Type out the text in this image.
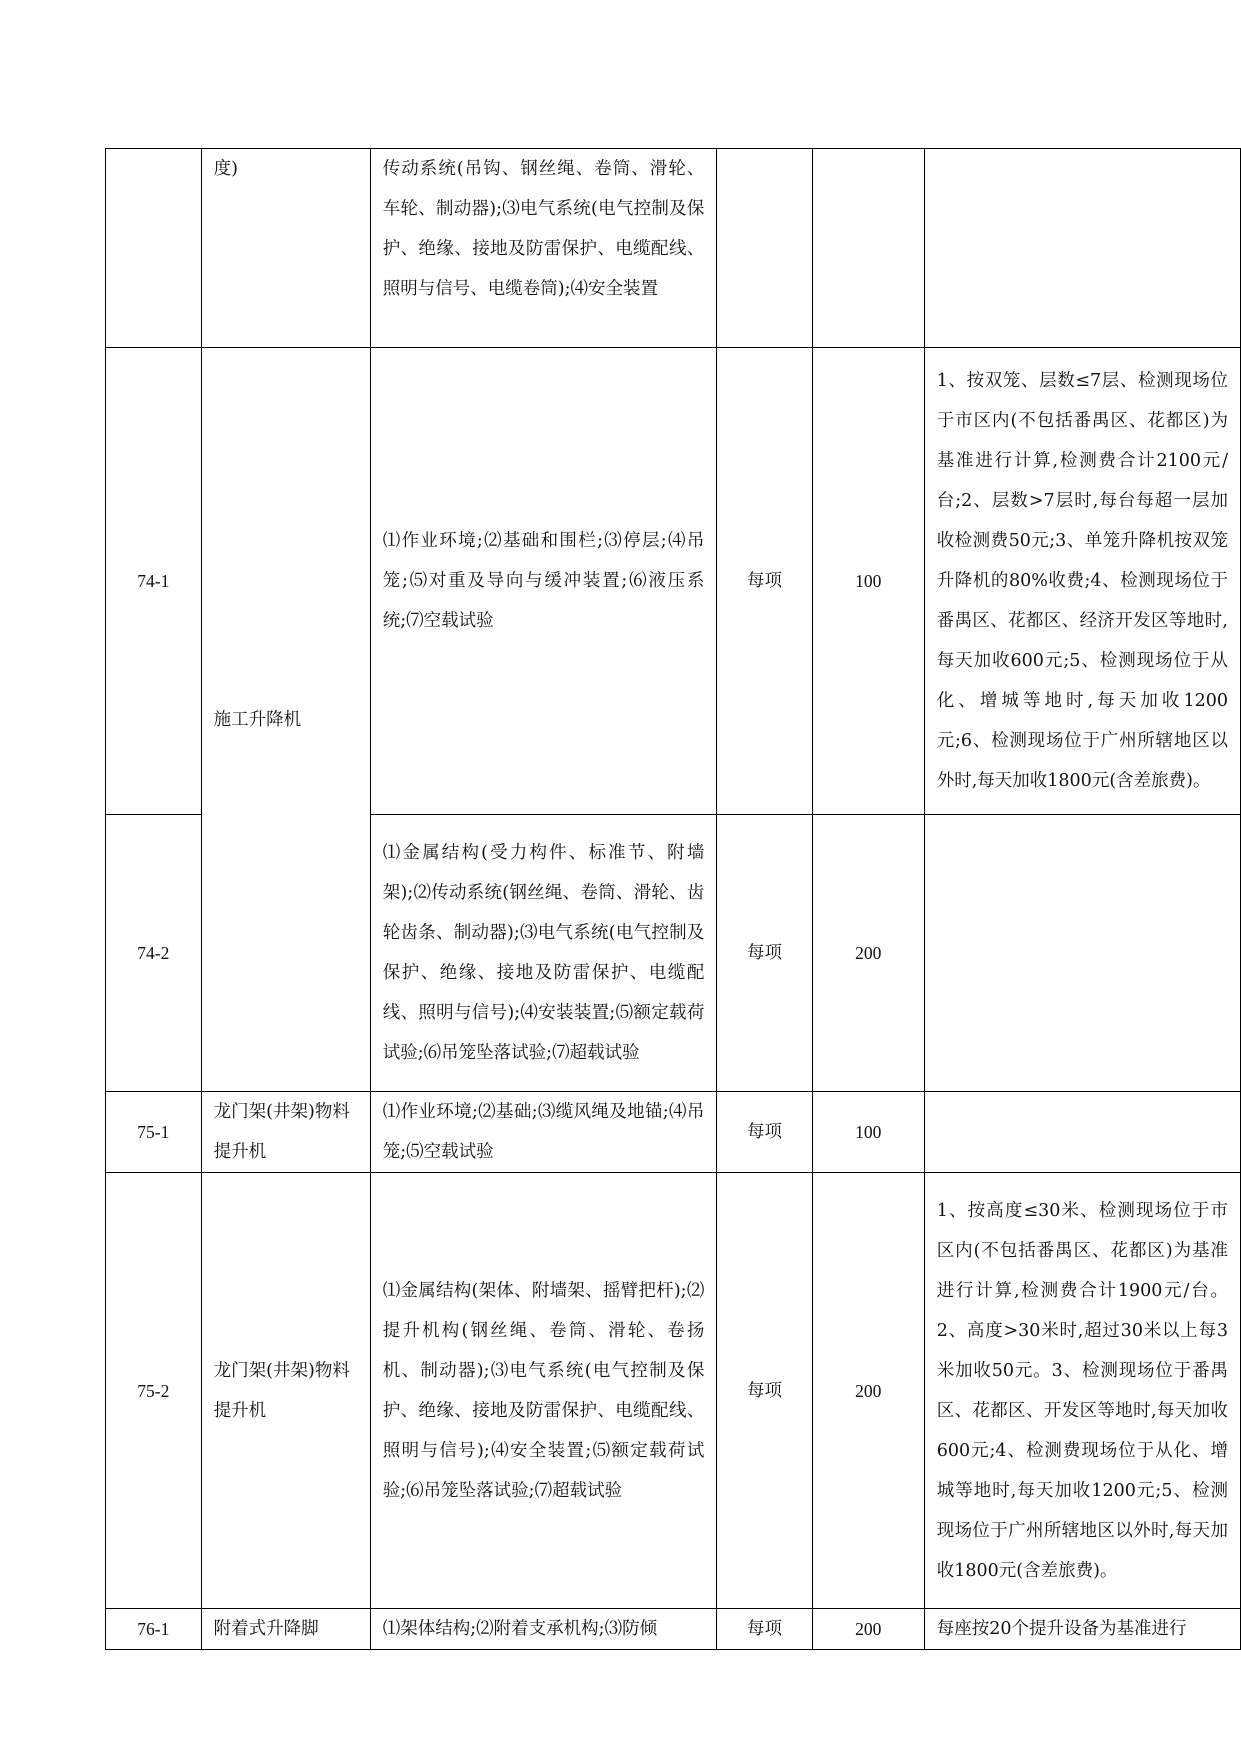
	度)	传动系统(吊钩、钢丝绳、卷筒、滑轮、车轮、制动器);⑶电气系统(电气控制及保护、绝缘、接地及防雷保护、电缆配线、照明与信号、电缆卷筒);⑷安全装置			
74-1	施工升降机	⑴作业环境;⑵基础和围栏;⑶停层;⑷吊笼;⑸对重及导向与缓冲装置;⑹液压系统;⑺空载试验	每项	100	1、按双笼、层数≤7层、检测现场位于市区内(不包括番禺区、花都区)为基准进行计算,检测费合计2100元/台;2、层数>7层时,每台每超一层加收检测费50元;3、单笼升降机按双笼升降机的80%收费;4、检测现场位于番禺区、花都区、经济开发区等地时,每天加收600元;5、检测现场位于从化、增城等地时,每天加收1200元;6、检测现场位于广州所辖地区以外时,每天加收1800元(含差旅费)。
74-2		⑴金属结构(受力构件、标准节、附墙架);⑵传动系统(钢丝绳、卷筒、滑轮、齿轮齿条、制动器);⑶电气系统(电气控制及保护、绝缘、接地及防雷保护、电缆配线、照明与信号);⑷安装装置;⑸额定载荷试验;⑹吊笼坠落试验;⑺超载试验	每项	200	
75-1	龙门架(井架)物料提升机	⑴作业环境;⑵基础;⑶缆风绳及地锚;⑷吊笼;⑸空载试验	每项	100	
75-2	龙门架(井架)物料提升机	⑴金属结构(架体、附墙架、摇臂把杆);⑵提升机构(钢丝绳、卷筒、滑轮、卷扬机、制动器);⑶电气系统(电气控制及保护、绝缘、接地及防雷保护、电缆配线、照明与信号);⑷安全装置;⑸额定载荷试验;⑹吊笼坠落试验;⑺超载试验	每项	200	1、按高度≤30米、检测现场位于市区内(不包括番禺区、花都区)为基准进行计算,检测费合计1900元/台。2、高度>30米时,超过30米以上每3米加收50元。3、检测现场位于番禺区、花都区、开发区等地时,每天加收600元;4、检测费现场位于从化、增城等地时,每天加收1200元;5、检测现场位于广州所辖地区以外时,每天加收1800元(含差旅费)。
76-1	附着式升降脚	⑴架体结构;⑵附着支承机构;⑶防倾	每项	200	每座按20个提升设备为基准进行
